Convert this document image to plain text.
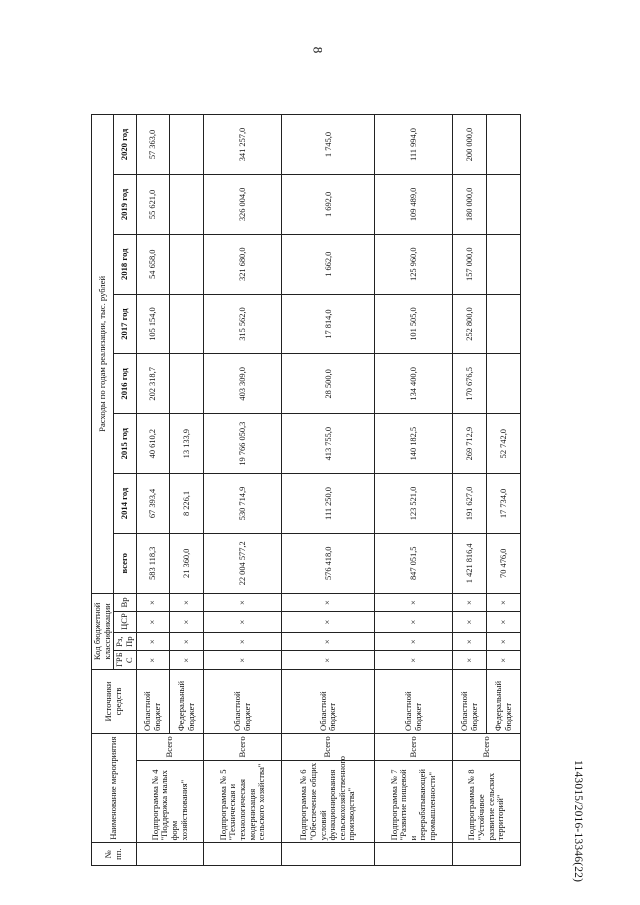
8
1143015/2016-13346(22)
№ пп.	Наименование мероприятия		Источники средств	Код бюджетной классификации				Расходы по годам реализации, тыс. рублей							
				ГРБ С	Рз, Пр	ЦСР	Вр	всего	2014 год	2015 год	2016 год	2017 год	2018 год	2019 год	2020 год
	Подпрограмма № 4 "Поддержка малых форм хозяйствования"	Всего	Областной бюджет	×	×	×	×	583 118,3	67 393,4	40 610,2	202 318,7	105 154,0	54 658,0	55 621,0	57 363,0
			Федеральный бюджет	×	×	×	×	21 360,0	8 226,1	13 133,9					
	Подпрограмма № 5 "Техническая и технологическая модернизация сельского хозяйства"	Всего	Областной бюджет	×	×	×	×	22 004 577,2	530 714,9	19 766 050,3	403 309,0	315 562,0	321 680,0	326 004,0	341 257,0
	Подпрограмма № 6 "Обеспечение общих условий функционирования сельскохозяйственного производства"	Всего	Областной бюджет	×	×	×	×	576 418,0	111 250,0	413 755,0	28 500,0	17 814,0	1 662,0	1 692,0	1 745,0
	Подпрограмма № 7 "Развитие пищевой и перерабатывающей промышленности"	Всего	Областной бюджет	×	×	×	×	847 051,5	123 521,0	140 182,5	134 400,0	101 505,0	125 960,0	109 489,0	111 994,0
	Подпрограмма № 8 "Устойчивое развитие сельских территорий"	Всего	Областной бюджет	×	×	×	×	1 421 816,4	191 627,0	269 712,9	170 676,5	252 800,0	157 000,0	180 000,0	200 000,0
			Федеральный бюджет	×	×	×	×	70 476,0	17 734,0	52 742,0					
